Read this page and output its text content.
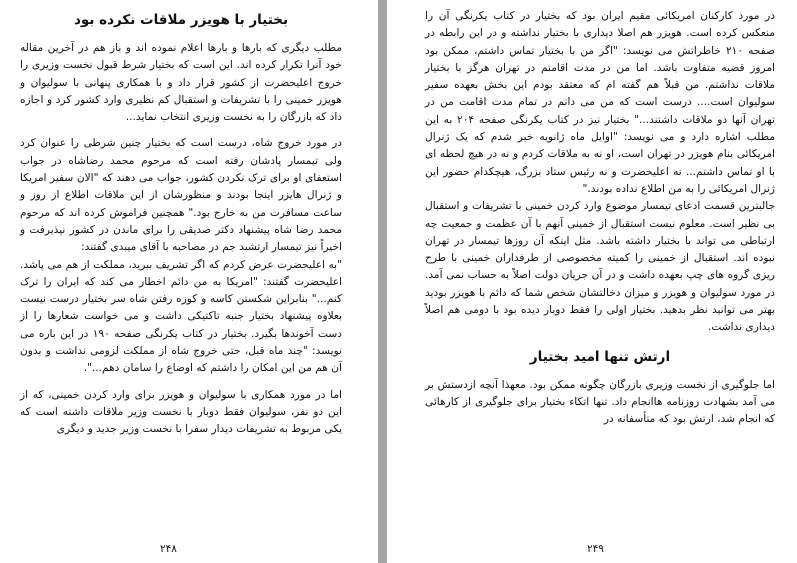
بختیار با هویزر ملاقات نکرده بود

مطلب دیگری که بارها و بارها اعلام نموده اند و باز هم در آخرین مقاله خود آنرا تکرار کرده اند. این است که بختیار شرط قبول نخست وزیری را خروج اعلیحضرت از کشور قرار داد و با همکاری پنهانی با سولیوان و هویزر خمینی را با تشریفات و استقبال کم نظیری وارد کشور کرد و اجازه داد که بازرگان را به نخست وزیری انتخاب نماید...

در مورد خروج شاه، درست است که بختیار چنین شرطی را عنوان کرد ولی تیمسار پادشان رفته است که مرحوم محمد رضاشاه در جواب استعفای او برای ترک نکردن کشور، جواب می دهند که "الان سفیر امریکا و ژنرال هایزر اینجا بودند و منظورشان از این ملاقات اطلاع از روز و ساعت مسافرت من به خارج بود." همچنین فراموش کرده اند که مرحوم محمد رضا شاه پیشنهاد دکتر صدیقی را برای ماندن در کشور نپذیرفت و اخیراً نیز تیمسار ارتشبد جم در مصاحبه با آقای میبدی گفتند:

"به اعلیحضرت عرض کردم که اگر تشریف ببرید، مملکت از هم می پاشد. اعلیحضرت گفتند: "امریکا به من دائم اخطار می کند که ایران را ترک کنم..." بنابراین شکستن کاسه و کوزه رفتن شاه سر بختیار درست نیست بعلاوه پیشنهاد بختیار جنبه تاکتیکی داشت و می خواست شعارها را از دست آخوندها بگیرد. بختیار در کتاب یکرنگی صفحه ۱۹۰ در این باره می نویسد: "چند ماه قبل، حتی خروج شاه از مملکت لزومی نداشت و بدون آن هم من این امکان را داشتم که اوضاع را سامان دهم...".

اما در مورد همکاری با سولیوان و هویزر برای وارد کردن خمینی، که از این دو نفر، سولیوان فقط دوبار با نخست وزیر ملاقات داشته است که یکی مربوط به تشریفات دیدار سفرا با نخست وزیر جدید و دیگری

۲۴۸

در مورد کارکنان امریکائی مقیم ایران بود که بختیار در کتاب یکرنگی آن را منعکس کرده است. هویزر هم اصلا دیداری با بختیار نداشته و در این رابطه در صفحه ۲۱۰ خاطراتش می نویسد: "اگر من با بختیار تماس داشتم، ممکن بود امروز قضیه متفاوت باشد. اما من در مدت اقامتم در تهران هرگز با بختیار ملاقات نداشتم. من قبلاً هم گفته ام که معتقد بودم این بخش بعهده سفیر سولیوان است.... درست است که من می دانم در تمام مدت اقامت من در تهران آنها دو ملاقات داشتند..." بختیار نیز در کتاب یکرنگی صفحه ۲۰۴ به این مطلب اشاره دارد و می نویسد: "اوایل ماه ژانویه خبر شدم که یک ژنرال امریکائی بنام هویزر در تهران است، او نه به ملاقات کردم و نه در هیچ لحظه ای با او تماس داشتم... نه اعلیحضرت و نه رئیس ستاد بزرگ، هیچکدام حضور این ژنرال امریکائی را به من اطلاع نداده بودند."

جالبترین قسمت ادعای تیمسار موضوع وارد کردن خمینی با تشریفات و استقبال بی نظیر است. معلوم نیست استقبال از خمینی آنهم با آن عظمت و جمعیت چه ارتباطی می تواند با بختیار داشته باشد. مثل اینکه آن روزها تیمسار در تهران نبوده اند. استقبال از خمینی را کمیته مخصوصی از طرفداران خمینی با طرح ریزی گروه های چپ بعهده داشت و در آن جریان دولت اصلاً به حساب نمی آمد. در مورد سولیوان و هویزر و میزان دخالتشان شخص شما که دائم با هویزر بودید بهتر می توانید نظر بدهید. بختیار اولی را فقط دوبار دیده بود با دومی هم اصلاً دیداری نداشت.

ارتش تنها امید بختیار

اما جلوگیری از نخست وزیری بازرگان چگونه ممکن بود. معهذا آنچه ازدستش بر می آمد بشهادت روزنامه هاانجام داد. تنها اتکاء بختیار برای جلوگیری از کارهائی که انجام شد، ارتش بود که متأسفانه در

۲۴۹
